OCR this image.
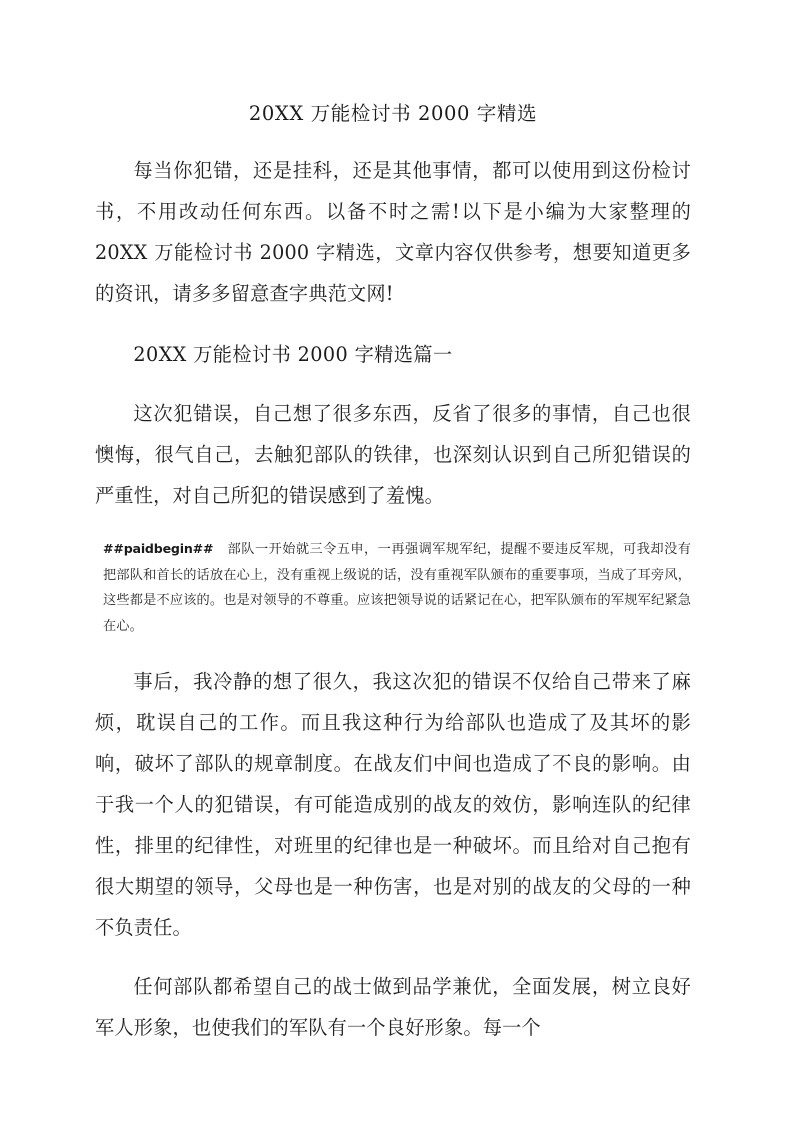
20XX 万能检讨书 2000 字精选

每当你犯错，还是挂科，还是其他事情，都可以使用到这份检讨书，不用改动任何东西。以备不时之需!以下是小编为大家整理的 20XX 万能检讨书 2000 字精选，文章内容仅供参考，想要知道更多的资讯，请多多留意查字典范文网!

20XX 万能检讨书 2000 字精选篇一

这次犯错误，自己想了很多东西，反省了很多的事情，自己也很懊悔，很气自己，去触犯部队的铁律，也深刻认识到自己所犯错误的严重性，对自己所犯的错误感到了羞愧。

##paidbegin## 部队一开始就三令五申，一再强调军规军纪，提醒不要违反军规，可我却没有把部队和首长的话放在心上，没有重视上级说的话，没有重视军队颁布的重要事项，当成了耳旁风，这些都是不应该的。也是对领导的不尊重。应该把领导说的话紧记在心，把军队颁布的军规军纪紧急在心。

事后，我冷静的想了很久，我这次犯的错误不仅给自己带来了麻烦，耽误自己的工作。而且我这种行为给部队也造成了及其坏的影响，破坏了部队的规章制度。在战友们中间也造成了不良的影响。由于我一个人的犯错误，有可能造成别的战友的效仿，影响连队的纪律性，排里的纪律性，对班里的纪律也是一种破坏。而且给对自己抱有很大期望的领导，父母也是一种伤害，也是对别的战友的父母的一种不负责任。

任何部队都希望自己的战士做到品学兼优，全面发展，树立良好军人形象，也使我们的军队有一个良好形象。每一个
